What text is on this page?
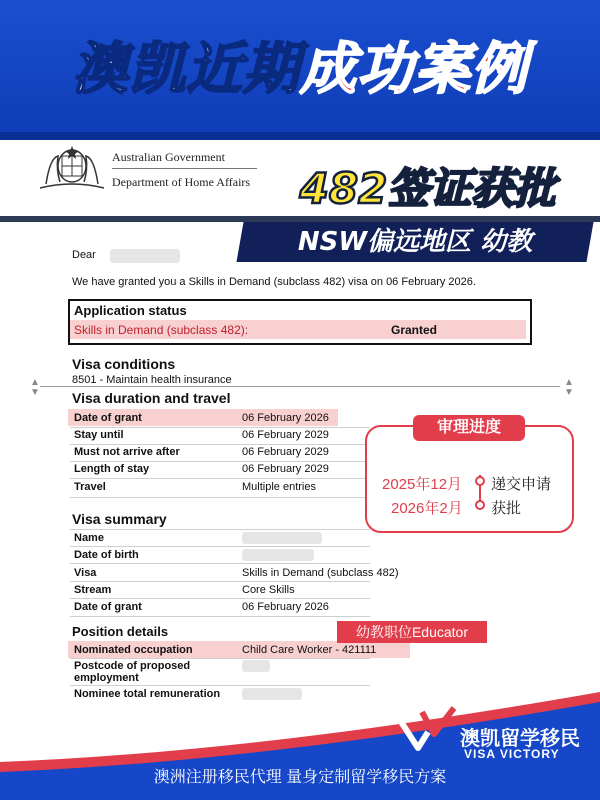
澳凯近期成功案例
Australian Government
Department of Home Affairs	482签证获批
NSW偏远地区 幼教
Dear
We have granted you a Skills in Demand (subclass 482) visa on 06 February 2026.
Application status
Skills in Demand (subclass 482):	Granted
Visa conditions
8501 - Maintain health insurance
▲
▼
▲
▼
Visa duration and travel
Date of grant	06 February 2026
Stay until	06 February 2029
Must not arrive after	06 February 2029
Length of stay	06 February 2029
Travel	Multiple entries
Visa summary
Name
Date of birth
Visa	Skills in Demand (subclass 482)
Stream	Core Skills
Date of grant	06 February 2026
Position details
Nominated occupation	Child Care Worker - 421111
Postcode of proposed employment
Nominee total remuneration
审理进度
2025年12月 递交申请
2026年2月 获批
幼教职位Educator
澳凯留学移民
VISA VICTORY
澳洲注册移民代理 量身定制留学移民方案
